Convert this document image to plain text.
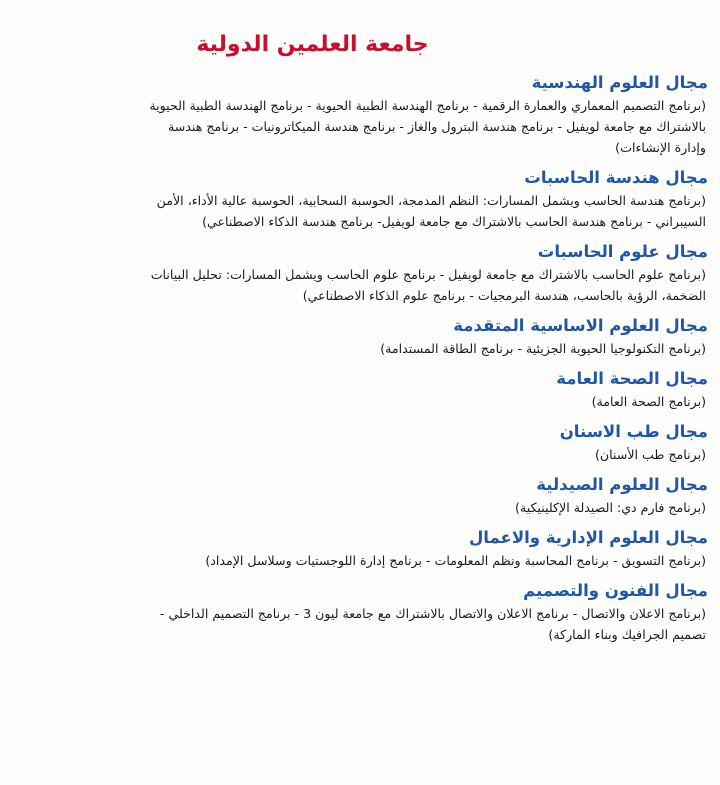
جامعة العلمين الدولية
مجال العلوم الهندسية
(برنامج التصميم المعماري والعمارة الرقمية - برنامج الهندسة الطبية الحيوية - برنامج الهندسة الطبية الحيوية
بالاشتراك مع جامعة لويفيل - برنامج هندسة البترول والغاز - برنامج هندسة الميكاترونيات - برنامج هندسة
وإدارة الإنشاءات)
مجال هندسة الحاسبات
(برنامج هندسة الحاسب ويشمل المسارات: النظم المدمجة، الحوسبة السحابية، الحوسبة عالية الأداء، الأمن
السيبراني - برنامج هندسة الحاسب بالاشتراك مع جامعة لويفيل- برنامج هندسة الذكاء الاصطناعي)
مجال علوم الحاسبات
(برنامج علوم الحاسب بالاشتراك مع جامعة لويفيل - برنامج علوم الحاسب ويشمل المسارات: تحليل البيانات
الضخمة، الرؤية بالحاسب، هندسة البرمجيات - برنامج علوم الذكاء الاصطناعي)
مجال العلوم الاساسية المتقدمة
(برنامج التكنولوجيا الحيوية الجزيئية - برنامج الطاقة المستدامة)
مجال الصحة العامة
(برنامج الصحة العامة)
مجال طب الاسنان
(برنامج طب الأسنان)
مجال العلوم الصيدلية
(برنامج فارم دي: الصيدلة الإكلينيكية)
مجال العلوم الإدارية والاعمال
(برنامج التسويق - برنامج المحاسبة ونظم المعلومات - برنامج إدارة اللوجستيات وسلاسل الإمداد)
مجال الفنون والتصميم
(برنامج الاعلان والاتصال - برنامج الاعلان والاتصال بالاشتراك مع جامعة ليون 3 - برنامج التصميم الداخلي -
تصميم الجرافيك وبناء الماركة)
